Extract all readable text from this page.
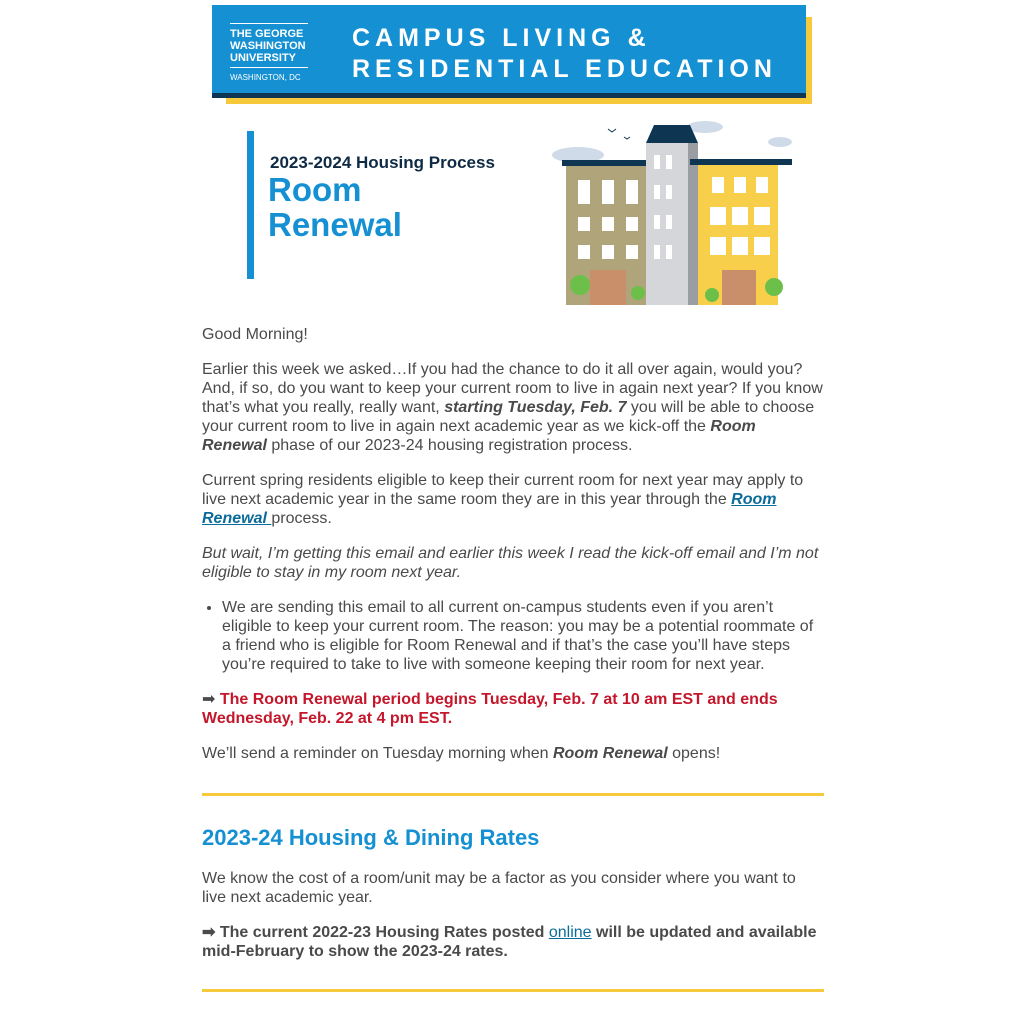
THE GEORGE
WASHINGTON
UNIVERSITY
WASHINGTON, DC
CAMPUS LIVING &
RESIDENTIAL EDUCATION
2023-2024 Housing Process
Room
Renewal

Good Morning!

Earlier this week we asked…If you had the chance to do it all over again, would you? And, if so, do you want to keep your current room to live in again next year? If you know that’s what you really, really want, starting Tuesday, Feb. 7 you will be able to choose your current room to live in again next academic year as we kick-off the Room Renewal phase of our 2023-24 housing registration process.

Current spring residents eligible to keep their current room for next year may apply to live next academic year in the same room they are in this year through the Room Renewal process.

But wait, I’m getting this email and earlier this week I read the kick-off email and I’m not eligible to stay in my room next year.

• We are sending this email to all current on-campus students even if you aren’t eligible to keep your current room. The reason: you may be a potential roommate of a friend who is eligible for Room Renewal and if that’s the case you’ll have steps you’re required to take to live with someone keeping their room for next year.

➡ The Room Renewal period begins Tuesday, Feb. 7 at 10 am EST and ends Wednesday, Feb. 22 at 4 pm EST.

We’ll send a reminder on Tuesday morning when Room Renewal opens!

2023-24 Housing & Dining Rates

We know the cost of a room/unit may be a factor as you consider where you want to live next academic year.

➡ The current 2022-23 Housing Rates posted online will be updated and available mid-February to show the 2023-24 rates.
